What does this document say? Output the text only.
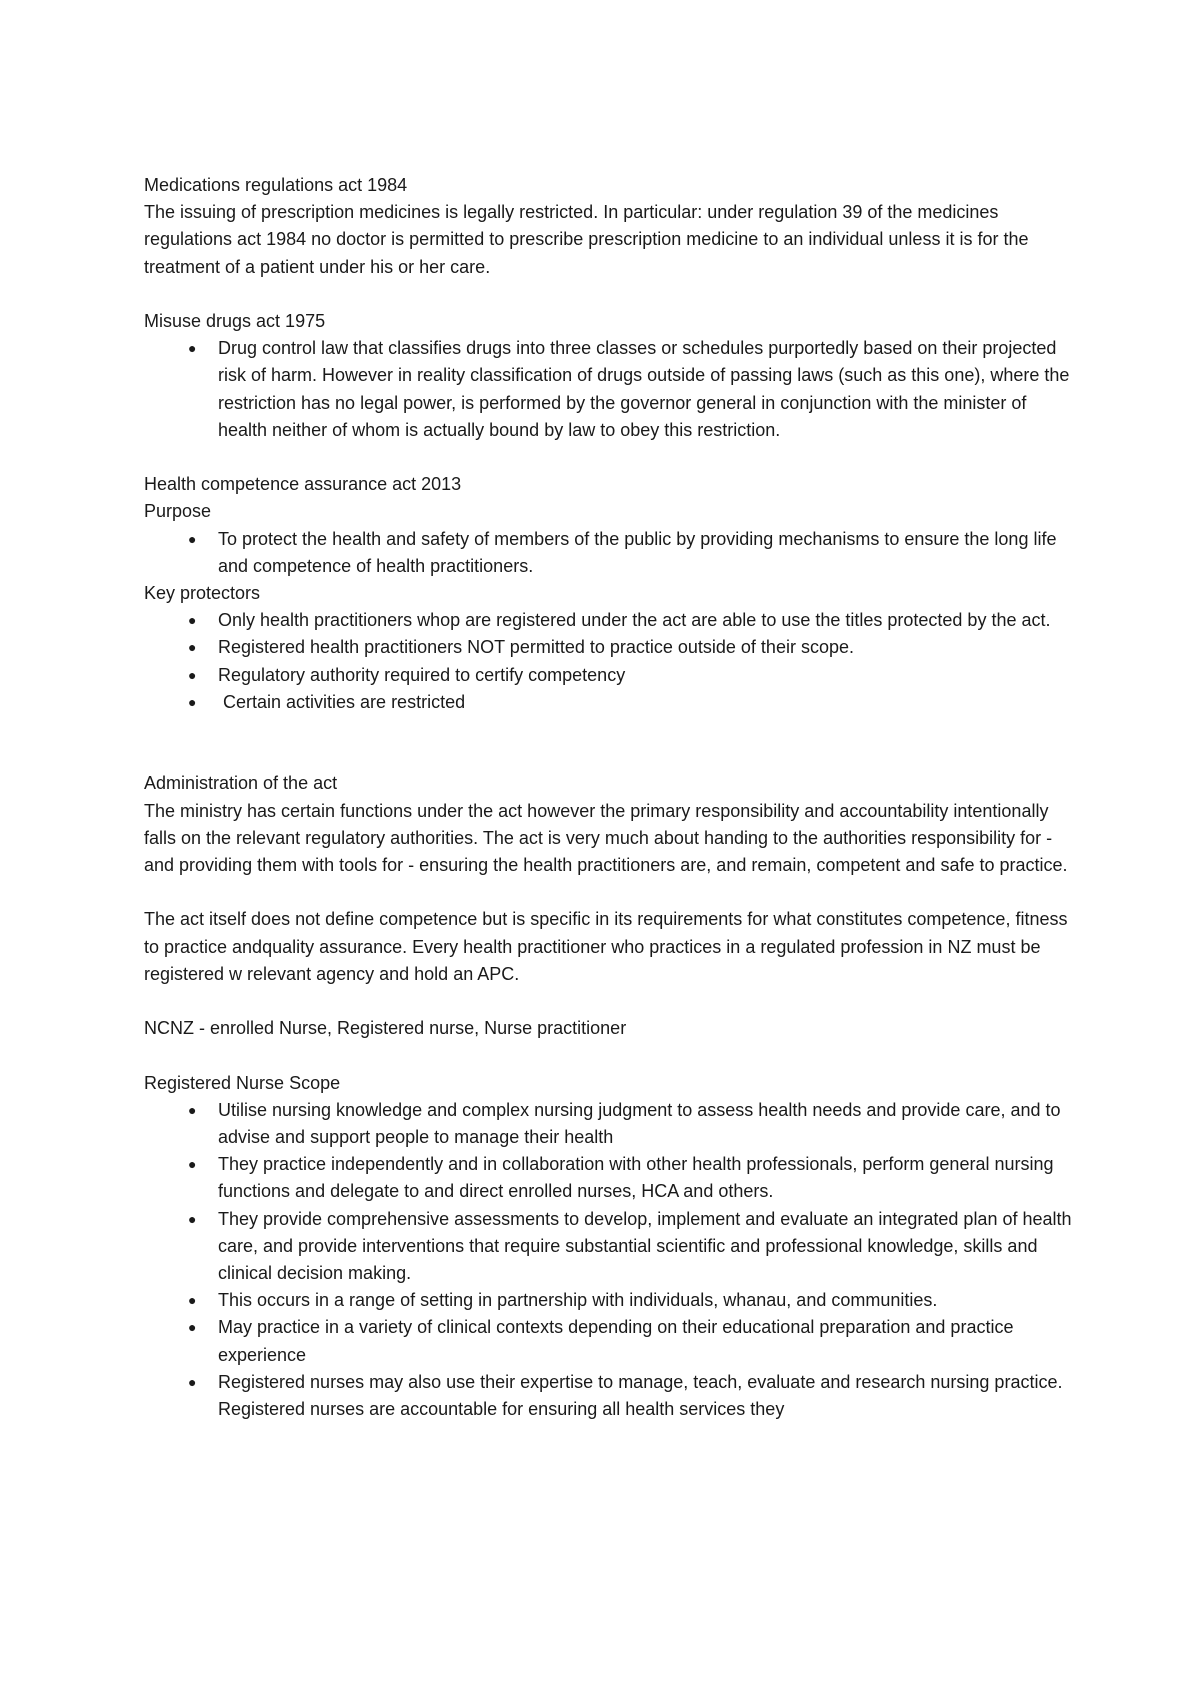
Medications regulations act 1984

The issuing of prescription medicines is legally restricted. In particular: under regulation 39 of the medicines regulations act 1984 no doctor is permitted to prescribe prescription medicine to an individual unless it is for the treatment of a patient under his or her care.

Misuse drugs act 1975

● Drug control law that classifies drugs into three classes or schedules purportedly based on their projected risk of harm. However in reality classification of drugs outside of passing laws (such as this one), where the restriction has no legal power, is performed by the governor general in conjunction with the minister of health neither of whom is actually bound by law to obey this restriction.

Health competence assurance act 2013

Purpose

● To protect the health and safety of members of the public by providing mechanisms to ensure the long life and competence of health practitioners.

Key protectors

● Only health practitioners whop are registered under the act are able to use the titles protected by the act.
● Registered health practitioners NOT permitted to practice outside of their scope.
● Regulatory authority required to certify competency
● Certain activities are restricted

Administration of the act

The ministry has certain functions under the act however the primary responsibility and accountability intentionally falls on the relevant regulatory authorities. The act is very much about handing to the authorities responsibility for - and providing them with tools for - ensuring the health practitioners are, and remain, competent and safe to practice.

The act itself does not define competence but is specific in its requirements for what constitutes competence, fitness to practice andquality assurance. Every health practitioner who practices in a regulated profession in NZ must be registered w relevant agency and hold an APC.

NCNZ - enrolled Nurse, Registered nurse, Nurse practitioner

Registered Nurse Scope

● Utilise nursing knowledge and complex nursing judgment to assess health needs and provide care, and to advise and support people to manage their health
● They practice independently and in collaboration with other health professionals, perform general nursing functions and delegate to and direct enrolled nurses, HCA and others.
● They provide comprehensive assessments to develop, implement and evaluate an integrated plan of health care, and provide interventions that require substantial scientific and professional knowledge, skills and clinical decision making.
● This occurs in a range of setting in partnership with individuals, whanau, and communities.
● May practice in a variety of clinical contexts depending on their educational preparation and practice experience
● Registered nurses may also use their expertise to manage, teach, evaluate and research nursing practice. Registered nurses are accountable for ensuring all health services they
